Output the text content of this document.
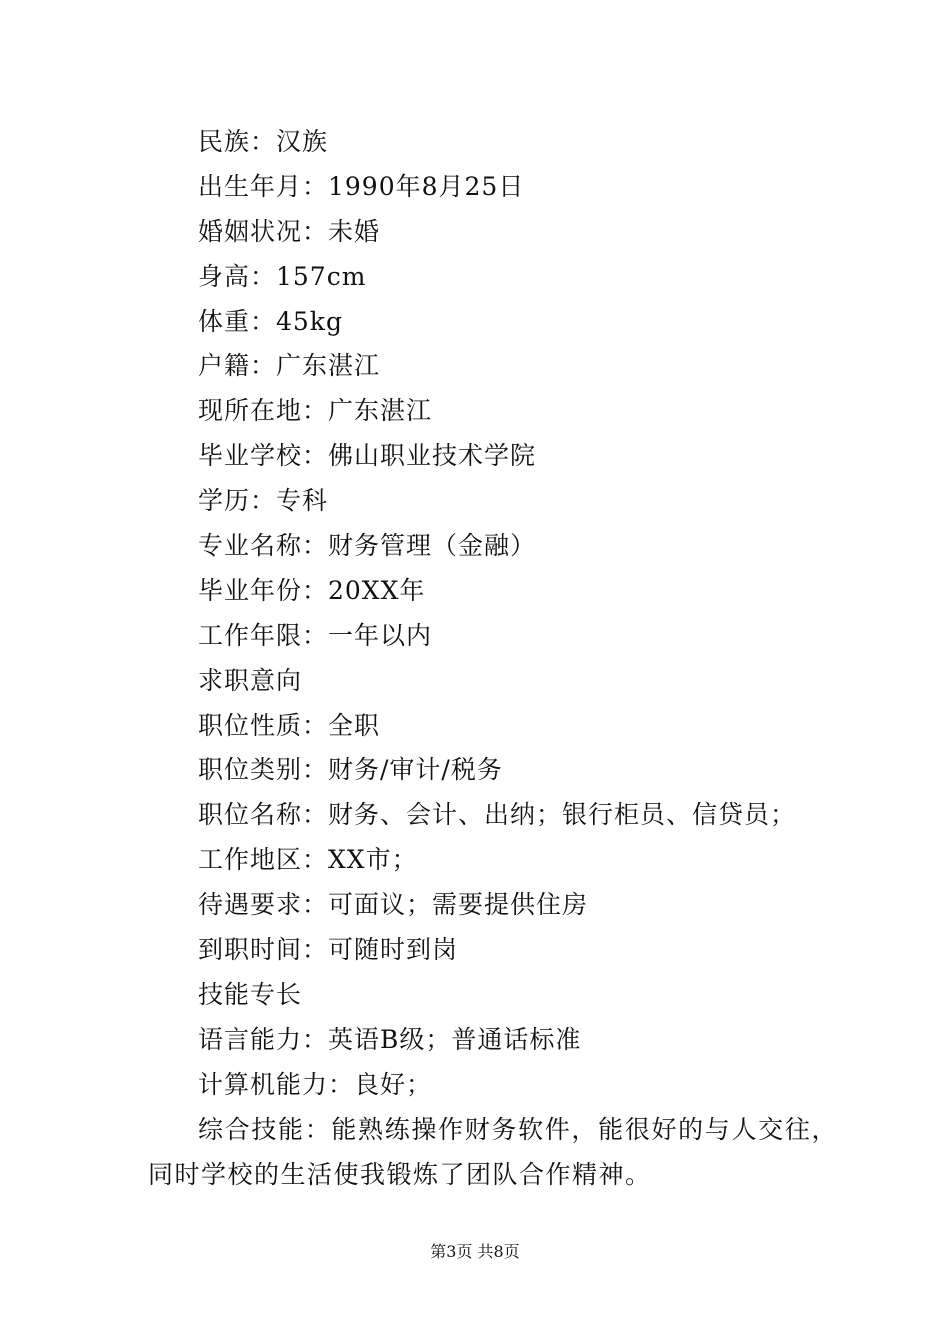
民族：汉族
出生年月：1990年8月25日
婚姻状况：未婚
身高：157cm
体重：45kg
户籍：广东湛江
现所在地：广东湛江
毕业学校：佛山职业技术学院
学历：专科
专业名称：财务管理（金融）
毕业年份：20XX年
工作年限：一年以内
求职意向
职位性质：全职
职位类别：财务/审计/税务
职位名称：财务、会计、出纳；银行柜员、信贷员；
工作地区：XX市；
待遇要求：可面议；需要提供住房
到职时间：可随时到岗
技能专长
语言能力：英语B级；普通话标准
计算机能力：良好；

综合技能：能熟练操作财务软件，能很好的与人交往，同时学校的生活使我锻炼了团队合作精神。

第3页 共8页
